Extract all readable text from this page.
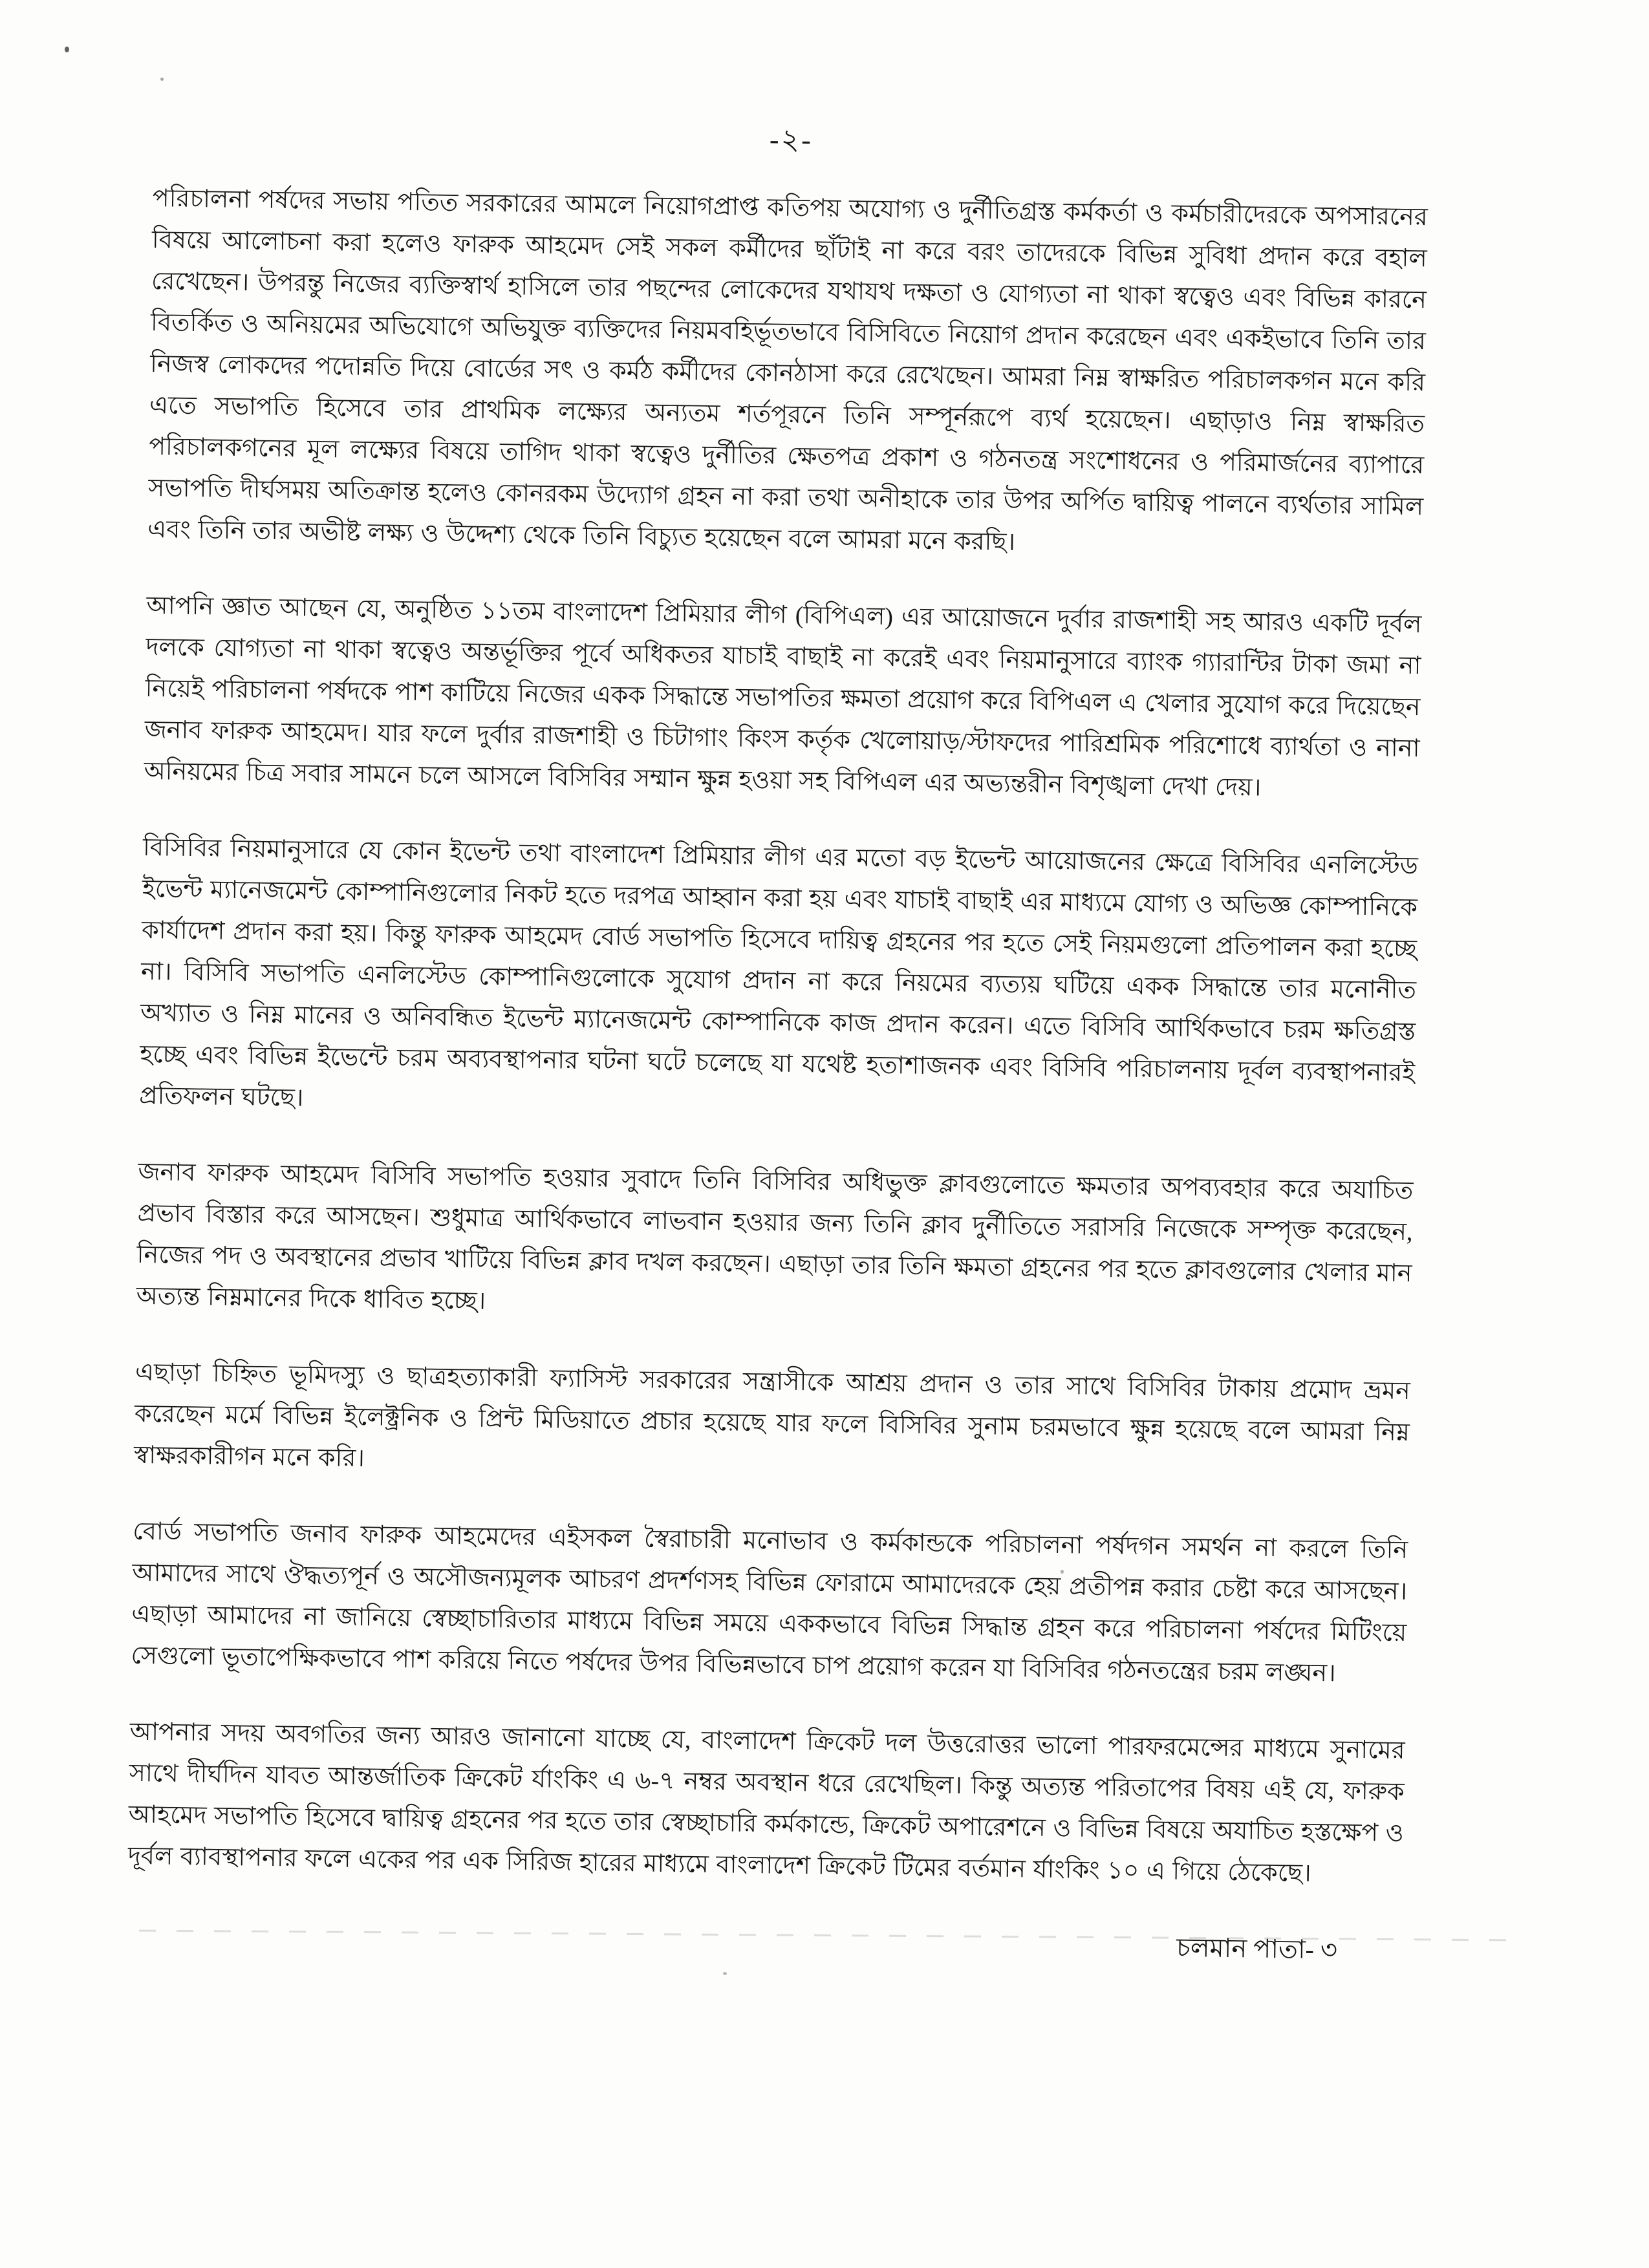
-২-

পরিচালনা পর্ষদের সভায় পতিত সরকারের আমলে নিয়োগপ্রাপ্ত কতিপয় অযোগ্য ও দুর্নীতিগ্রস্ত কর্মকর্তা ও কর্মচারীদেরকে অপসারনের বিষয়ে আলোচনা করা হলেও ফারুক আহমেদ সেই সকল কর্মীদের ছাঁটাই না করে বরং তাদেরকে বিভিন্ন সুবিধা প্রদান করে বহাল রেখেছেন। উপরন্তু নিজের ব্যক্তিস্বার্থ হাসিলে তার পছন্দের লোকেদের যথাযথ দক্ষতা ও যোগ্যতা না থাকা স্বত্বেও এবং বিভিন্ন কারনে বিতর্কিত ও অনিয়মের অভিযোগে অভিযুক্ত ব্যক্তিদের নিয়মবহির্ভূতভাবে বিসিবিতে নিয়োগ প্রদান করেছেন এবং একইভাবে তিনি তার নিজস্ব লোকদের পদোন্নতি দিয়ে বোর্ডের সৎ ও কর্মঠ কর্মীদের কোনঠাসা করে রেখেছেন। আমরা নিম্ন স্বাক্ষরিত পরিচালকগন মনে করি এতে সভাপতি হিসেবে তার প্রাথমিক লক্ষ্যের অন্যতম শর্তপূরনে তিনি সম্পূর্নরূপে ব্যর্থ হয়েছেন। এছাড়াও নিম্ন স্বাক্ষরিত পরিচালকগনের মূল লক্ষ্যের বিষয়ে তাগিদ থাকা স্বত্বেও দুর্নীতির ক্ষেতপত্র প্রকাশ ও গঠনতন্ত্র সংশোধনের ও পরিমার্জনের ব্যাপারে সভাপতি দীর্ঘসময় অতিক্রান্ত হলেও কোনরকম উদ্যোগ গ্রহন না করা তথা অনীহাকে তার উপর অর্পিত দ্বায়িত্ব পালনে ব্যর্থতার সামিল এবং তিনি তার অভীষ্ট লক্ষ্য ও উদ্দেশ্য থেকে তিনি বিচ্যুত হয়েছেন বলে আমরা মনে করছি।

আপনি জ্ঞাত আছেন যে, অনুষ্ঠিত ১১তম বাংলাদেশ প্রিমিয়ার লীগ (বিপিএল) এর আয়োজনে দুর্বার রাজশাহী সহ আরও একটি দূর্বল দলকে যোগ্যতা না থাকা স্বত্বেও অন্তর্ভূক্তির পূর্বে অধিকতর যাচাই বাছাই না করেই এবং নিয়মানুসারে ব্যাংক গ্যারান্টির টাকা জমা না নিয়েই পরিচালনা পর্ষদকে পাশ কাটিয়ে নিজের একক সিদ্ধান্তে সভাপতির ক্ষমতা প্রয়োগ করে বিপিএল এ খেলার সুযোগ করে দিয়েছেন জনাব ফারুক আহমেদ। যার ফলে দুর্বার রাজশাহী ও চিটাগাং কিংস কর্তৃক খেলোয়াড়/স্টাফদের পারিশ্রমিক পরিশোধে ব্যার্থতা ও নানা অনিয়মের চিত্র সবার সামনে চলে আসলে বিসিবির সম্মান ক্ষুন্ন হওয়া সহ বিপিএল এর অভ্যন্তরীন বিশৃঙ্খলা দেখা দেয়।

বিসিবির নিয়মানুসারে যে কোন ইভেন্ট তথা বাংলাদেশ প্রিমিয়ার লীগ এর মতো বড় ইভেন্ট আয়োজনের ক্ষেত্রে বিসিবির এনলিস্টেড ইভেন্ট ম্যানেজমেন্ট কোম্পানিগুলোর নিকট হতে দরপত্র আহ্বান করা হয় এবং যাচাই বাছাই এর মাধ্যমে যোগ্য ও অভিজ্ঞ কোম্পানিকে কার্যাদেশ প্রদান করা হয়। কিন্তু ফারুক আহমেদ বোর্ড সভাপতি হিসেবে দায়িত্ব গ্রহনের পর হতে সেই নিয়মগুলো প্রতিপালন করা হচ্ছে না। বিসিবি সভাপতি এনলিস্টেড কোম্পানিগুলোকে সুযোগ প্রদান না করে নিয়মের ব্যত্যয় ঘটিয়ে একক সিদ্ধান্তে তার মনোনীত অখ্যাত ও নিম্ন মানের ও অনিবন্ধিত ইভেন্ট ম্যানেজমেন্ট কোম্পানিকে কাজ প্রদান করেন। এতে বিসিবি আর্থিকভাবে চরম ক্ষতিগ্রস্ত হচ্ছে এবং বিভিন্ন ইভেন্টে চরম অব্যবস্থাপনার ঘটনা ঘটে চলেছে যা যথেষ্ট হতাশাজনক এবং বিসিবি পরিচালনায় দূর্বল ব্যবস্থাপনারই প্রতিফলন ঘটছে।

জনাব ফারুক আহমেদ বিসিবি সভাপতি হওয়ার সুবাদে তিনি বিসিবির অধিভুক্ত ক্লাবগুলোতে ক্ষমতার অপব্যবহার করে অযাচিত প্রভাব বিস্তার করে আসছেন। শুধুমাত্র আর্থিকভাবে লাভবান হওয়ার জন্য তিনি ক্লাব দুর্নীতিতে সরাসরি নিজেকে সম্পৃক্ত করেছেন, নিজের পদ ও অবস্থানের প্রভাব খাটিয়ে বিভিন্ন ক্লাব দখল করছেন। এছাড়া তার তিনি ক্ষমতা গ্রহনের পর হতে ক্লাবগুলোর খেলার মান অত্যন্ত নিম্নমানের দিকে ধাবিত হচ্ছে।

এছাড়া চিহ্নিত ভূমিদস্যু ও ছাত্রহত্যাকারী ফ্যাসিস্ট সরকারের সন্ত্রাসীকে আশ্রয় প্রদান ও তার সাথে বিসিবির টাকায় প্রমোদ ভ্রমন করেছেন মর্মে বিভিন্ন ইলেক্ট্রনিক ও প্রিন্ট মিডিয়াতে প্রচার হয়েছে যার ফলে বিসিবির সুনাম চরমভাবে ক্ষুন্ন হয়েছে বলে আমরা নিম্ন স্বাক্ষরকারীগন মনে করি।

বোর্ড সভাপতি জনাব ফারুক আহমেদের এইসকল স্বৈরাচারী মনোভাব ও কর্মকান্ডকে পরিচালনা পর্ষদগন সমর্থন না করলে তিনি আমাদের সাথে ঔদ্ধত্যপূর্ন ও অসৌজন্যমূলক আচরণ প্রদর্শণসহ বিভিন্ন ফোরামে আমাদেরকে হেয় প্রতীপন্ন করার চেষ্টা করে আসছেন। এছাড়া আমাদের না জানিয়ে স্বেচ্ছাচারিতার মাধ্যমে বিভিন্ন সময়ে এককভাবে বিভিন্ন সিদ্ধান্ত গ্রহন করে পরিচালনা পর্ষদের মিটিংয়ে সেগুলো ভূতাপেক্ষিকভাবে পাশ করিয়ে নিতে পর্ষদের উপর বিভিন্নভাবে চাপ প্রয়োগ করেন যা বিসিবির গঠনতন্ত্রের চরম লঙ্ঘন।

আপনার সদয় অবগতির জন্য আরও জানানো যাচ্ছে যে, বাংলাদেশ ক্রিকেট দল উত্তরোত্তর ভালো পারফরমেন্সের মাধ্যমে সুনামের সাথে দীর্ঘদিন যাবত আন্তর্জাতিক ক্রিকেট র্যাংকিং এ ৬-৭ নম্বর অবস্থান ধরে রেখেছিল। কিন্তু অত্যন্ত পরিতাপের বিষয় এই যে, ফারুক আহমেদ সভাপতি হিসেবে দ্বায়িত্ব গ্রহনের পর হতে তার স্বেচ্ছাচারি কর্মকান্ডে, ক্রিকেট অপারেশনে ও বিভিন্ন বিষয়ে অযাচিত হস্তক্ষেপ ও দূর্বল ব্যাবস্থাপনার ফলে একের পর এক সিরিজ হারের মাধ্যমে বাংলাদেশ ক্রিকেট টিমের বর্তমান র্যাংকিং ১০ এ গিয়ে ঠেকেছে।

চলমান পাতা- ৩
